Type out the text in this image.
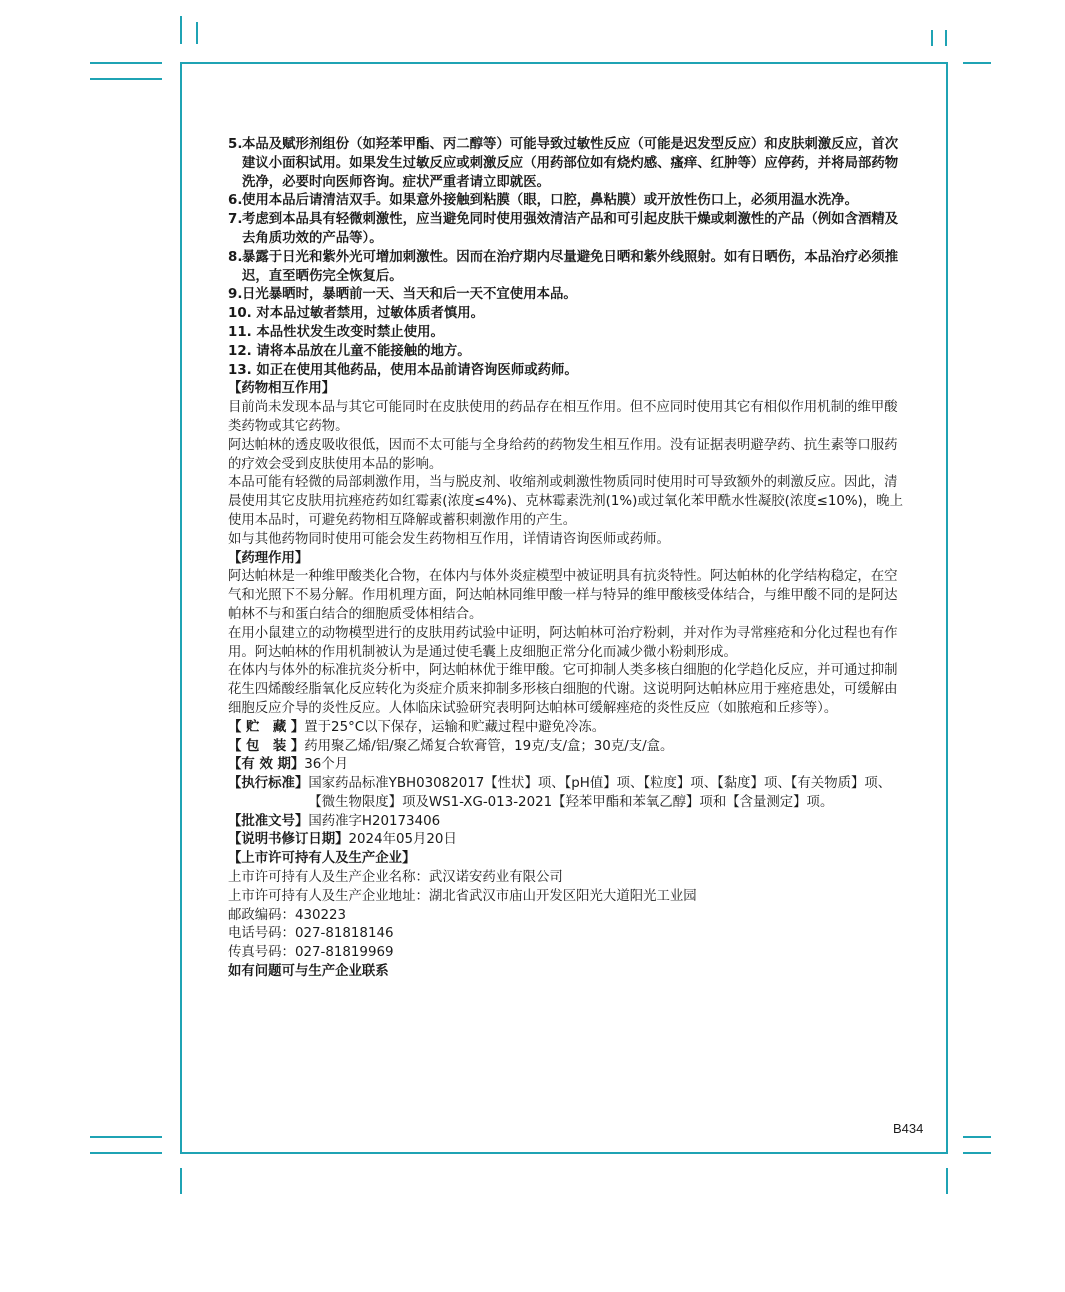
5. 本品及赋形剂组份（如羟苯甲酯、丙二醇等）可能导致过敏性反应（可能是迟发型反应）和皮肤刺激反应，首次建议小面积试用。如果发生过敏反应或刺激反应（用药部位如有烧灼感、瘙痒、红肿等）应停药，并将局部药物洗净，必要时向医师咨询。症状严重者请立即就医。
6. 使用本品后请清洁双手。如果意外接触到粘膜（眼，口腔，鼻粘膜）或开放性伤口上，必须用温水洗净。
7. 考虑到本品具有轻微刺激性，应当避免同时使用强效清洁产品和可引起皮肤干燥或刺激性的产品（例如含酒精及去角质功效的产品等）。
8. 暴露于日光和紫外光可增加刺激性。因而在治疗期内尽量避免日晒和紫外线照射。如有日晒伤，本品治疗必须推迟，直至晒伤完全恢复后。
9. 日光暴晒时，暴晒前一天、当天和后一天不宜使用本品。
10. 对本品过敏者禁用，过敏体质者慎用。
11. 本品性状发生改变时禁止使用。
12. 请将本品放在儿童不能接触的地方。
13. 如正在使用其他药品，使用本品前请咨询医师或药师。
【药物相互作用】

目前尚未发现本品与其它可能同时在皮肤使用的药品存在相互作用。但不应同时使用其它有相似作用机制的维甲酸类药物或其它药物。

阿达帕林的透皮吸收很低，因而不太可能与全身给药的药物发生相互作用。没有证据表明避孕药、抗生素等口服药的疗效会受到皮肤使用本品的影响。

本品可能有轻微的局部刺激作用，当与脱皮剂、收缩剂或刺激性物质同时使用时可导致额外的刺激反应。因此，清晨使用其它皮肤用抗痤疮药如红霉素(浓度≤4%)、克林霉素洗剂(1%)或过氧化苯甲酰水性凝胶(浓度≤10%)，晚上使用本品时，可避免药物相互降解或蓄积刺激作用的产生。

如与其他药物同时使用可能会发生药物相互作用，详情请咨询医师或药师。

【药理作用】

阿达帕林是一种维甲酸类化合物，在体内与体外炎症模型中被证明具有抗炎特性。阿达帕林的化学结构稳定，在空气和光照下不易分解。作用机理方面，阿达帕林同维甲酸一样与特异的维甲酸核受体结合，与维甲酸不同的是阿达帕林不与和蛋白结合的细胞质受体相结合。

在用小鼠建立的动物模型进行的皮肤用药试验中证明，阿达帕林可治疗粉刺，并对作为寻常痤疮和分化过程也有作用。阿达帕林的作用机制被认为是通过使毛囊上皮细胞正常分化而减少微小粉刺形成。

在体内与体外的标准抗炎分析中，阿达帕林优于维甲酸。它可抑制人类多核白细胞的化学趋化反应，并可通过抑制花生四烯酸经脂氧化反应转化为炎症介质来抑制多形核白细胞的代谢。这说明阿达帕林应用于痤疮患处，可缓解由细胞反应介导的炎性反应。人体临床试验研究表明阿达帕林可缓解痤疮的炎性反应（如脓疱和丘疹等）。

【 贮　藏 】 置于25°C以下保存，运输和贮藏过程中避免冷冻。
【 包　装 】 药用聚乙烯/铝/聚乙烯复合软膏管，19克/支/盒；30克/支/盒。
【有 效 期】 36个月
【执行标准】 国家药品标准YBH03082017【性状】项、【pH值】项、【粒度】项、【黏度】项、【有关物质】项、【微生物限度】项及WS1-XG-013-2021【羟苯甲酯和苯氧乙醇】项和【含量测定】项。
【批准文号】 国药准字H20173406
【说明书修订日期】 2024年05月20日
【上市许可持有人及生产企业】
上市许可持有人及生产企业名称：武汉诺安药业有限公司
上市许可持有人及生产企业地址：湖北省武汉市庙山开发区阳光大道阳光工业园
邮政编码：430223
电话号码：027-81818146
传真号码：027-81819969
如有问题可与生产企业联系
B434
